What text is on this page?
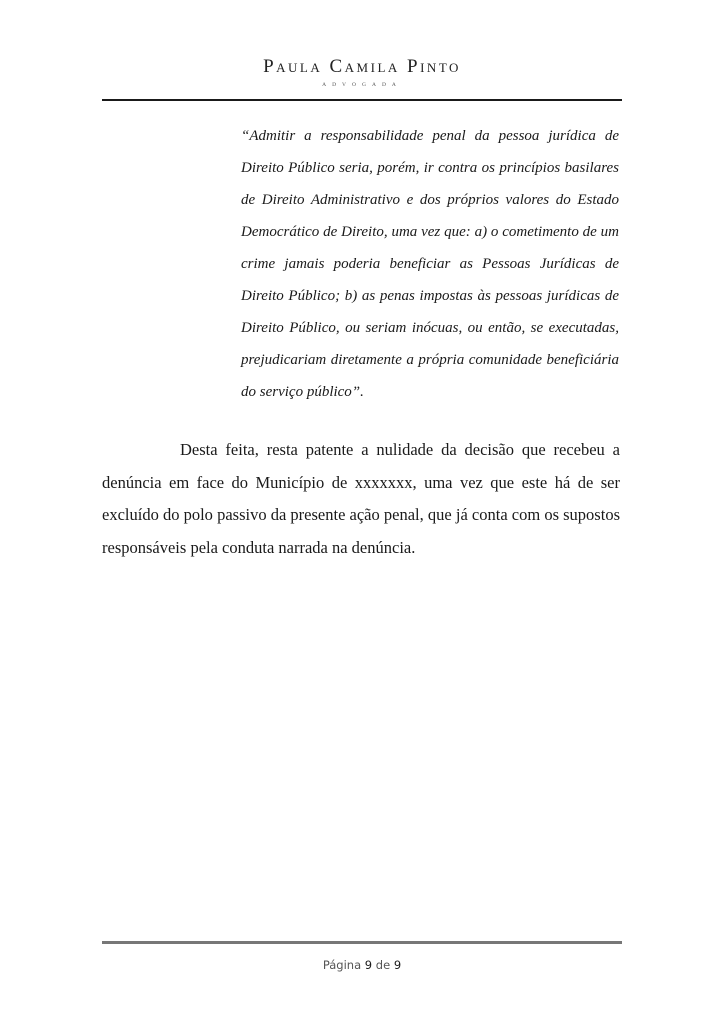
Paula Camila Pinto
ADVOGADA
“Admitir a responsabilidade penal da pessoa jurídica de Direito Público seria, porém, ir contra os princípios basilares de Direito Administrativo e dos próprios valores do Estado Democrático de Direito, uma vez que: a) o cometimento de um crime jamais poderia beneficiar as Pessoas Jurídicas de Direito Público; b) as penas impostas às pessoas jurídicas de Direito Público, ou seriam inócuas, ou então, se executadas, prejudicariam diretamente a própria comunidade beneficiária do serviço público”.
Desta feita, resta patente a nulidade da decisão que recebeu a denúncia em face do Município de xxxxxxx, uma vez que este há de ser excluído do polo passivo da presente ação penal, que já conta com os supostos responsáveis pela conduta narrada na denúncia.
Página 9 de 9
